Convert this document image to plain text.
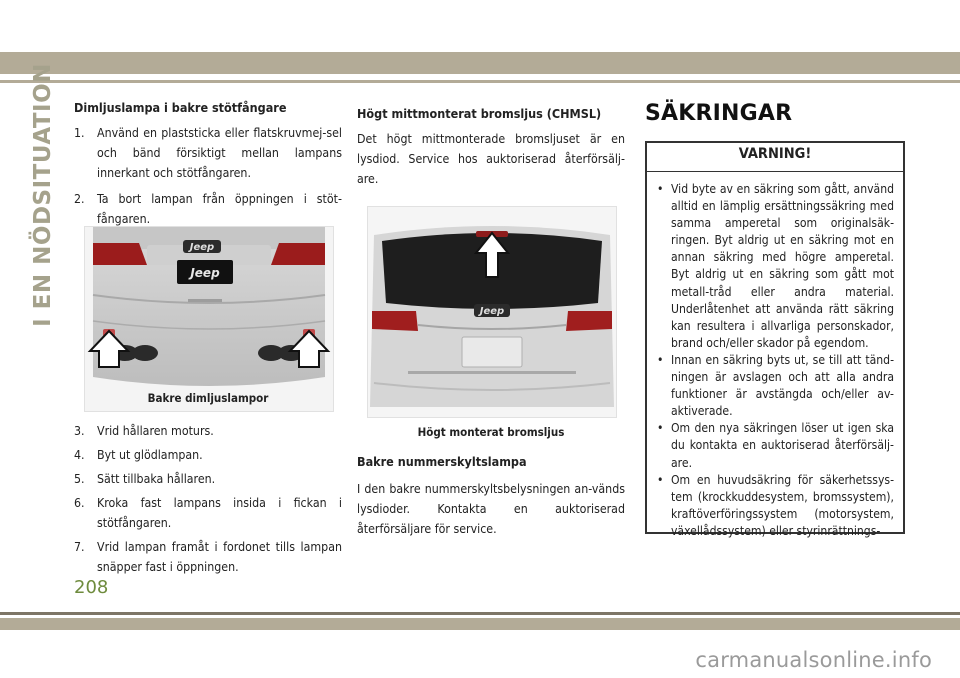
I EN NÖDSITUATION Dimljuslampa i bakre stötfångare
1. Använd en plaststicka eller flatskruvmej-sel och bänd försiktigt mellan lampans innerkant och stötfångaren.
2. Ta bort lampan från öppningen i stöt-fångaren.
Jeep
Jeep
Bakre dimljuslampor
3. Vrid hållaren moturs.
4. Byt ut glödlampan.
5. Sätt tillbaka hållaren.
6. Kroka fast lampans insida i fickan i stötfångaren.
7. Vrid lampan framåt i fordonet tills lampan snäpper fast i öppningen.
Högt mittmonterat bromsljus (CHMSL)

Det högt mittmonterade bromsljuset är en lysdiod. Service hos auktoriserad återförsälj-are.

Jeep
Högt monterat bromsljus
Bakre nummerskyltslampa

I den bakre nummerskyltsbelysningen an-vänds lysdioder. Kontakta en auktoriserad återförsäljare för service.

SÄKRINGAR
VARNING!
• Vid byte av en säkring som gått, använd alltid en lämplig ersättningssäkring med samma amperetal som originalsäk-ringen. Byt aldrig ut en säkring mot en annan säkring med högre amperetal. Byt aldrig ut en säkring som gått mot metall-tråd eller andra material. Underlåtenhet att använda rätt säkring kan resultera i allvarliga personskador, brand och/eller skador på egendom.
• Innan en säkring byts ut, se till att tänd-ningen är avslagen och att alla andra funktioner är avstängda och/eller av-aktiverade.
• Om den nya säkringen löser ut igen ska du kontakta en auktoriserad återförsälj-are.
• Om en huvudsäkring för säkerhetssys-tem (krockkuddesystem, bromssystem), kraftöverföringssystem (motorsystem, växellådssystem) eller styrinrättnings-
208
carmanualsonline.info
